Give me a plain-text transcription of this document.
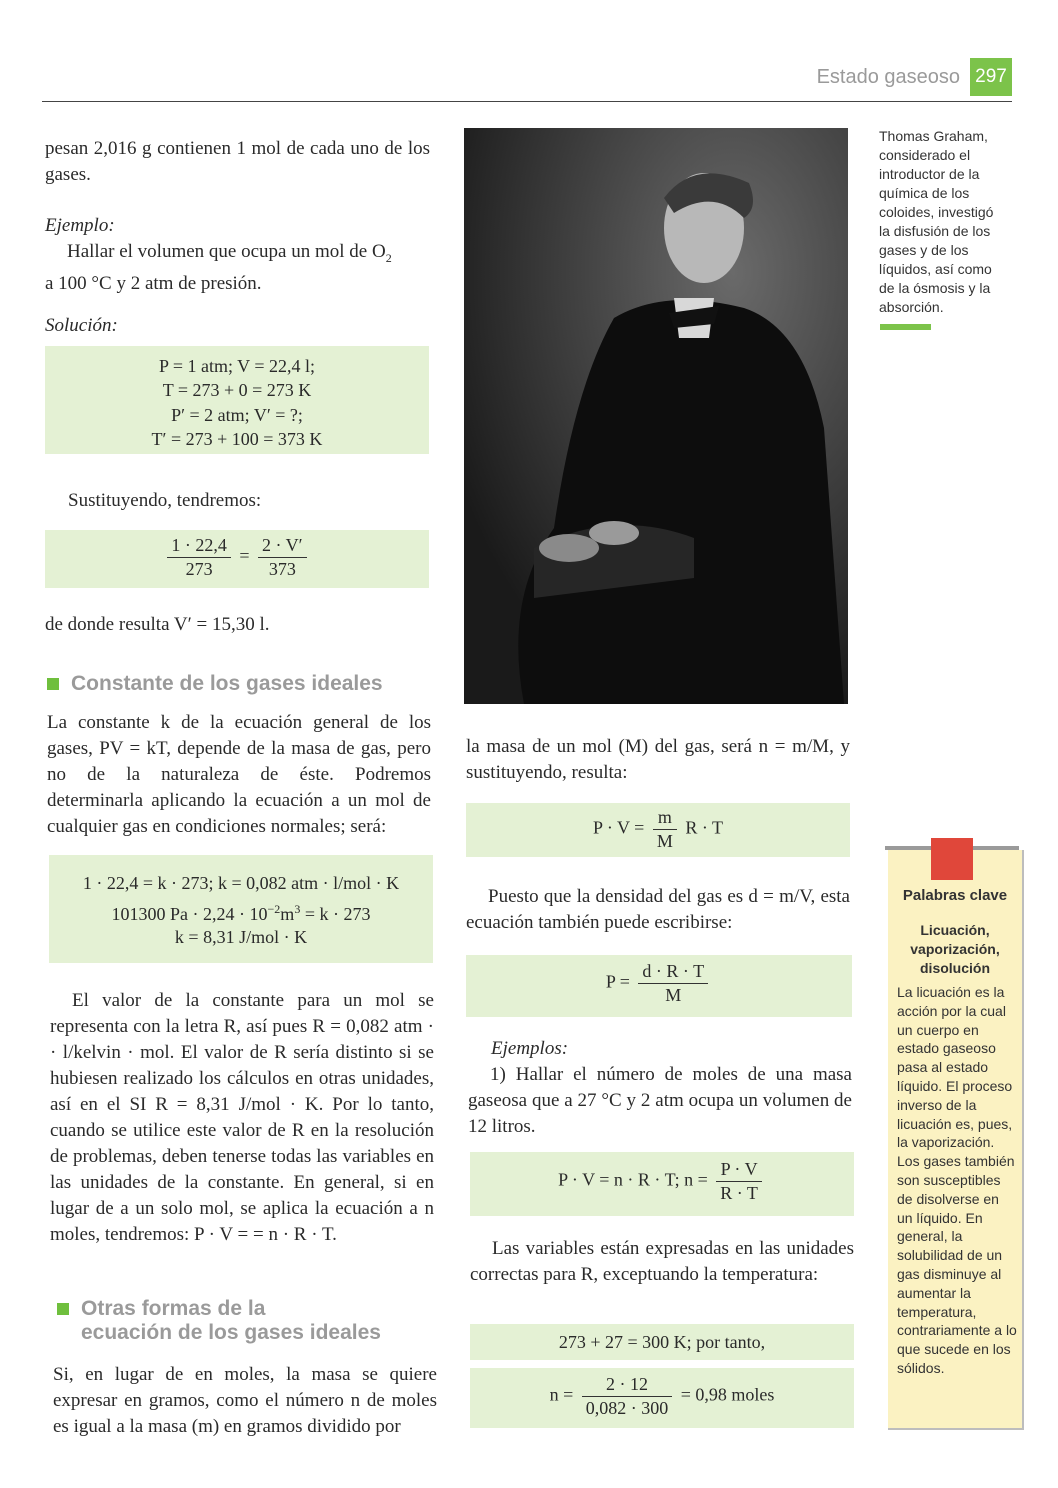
Estado gaseoso 297
pesan 2,016 g contienen 1 mol de cada uno de los gases.
Ejemplo:
Hallar el volumen que ocupa un mol de $O_2$
a 100 °C y 2 atm de presión.
Solución:
P = 1 atm; V = 22,4 l;
T = 273 + 0 = 273 K
P′ = 2 atm; V′ = ?;
T′ = 273 + 100 = 373 K
Sustituyendo, tendremos:
$\frac{1 \cdot 22,4}{273} = \frac{2 \cdot V'}{373}$
de donde resulta V′ = 15,30 l.
Constante de los gases ideales
La constante k de la ecuación general de los gases, PV = kT, depende de la masa de gas, pero no de la naturaleza de éste. Podremos determinarla aplicando la ecuación a un mol de cualquier gas en condiciones normales; será:
1 · 22,4 = k · 273; k = 0,082 atm · l/mol · K
101300 $Pa \cdot 2,24 \cdot 10^{-2}m^3 = k \cdot 273$
k = 8,31 J/mol · K
El valor de la constante para un mol se representa con la letra R, así pues R = 0,082 atm · · l/kelvin · mol. El valor de R sería distinto si se hubiesen realizado los cálculos en otras unidades, así en el SI R = 8,31 J/mol · K. Por lo tanto, cuando se utilice este valor de R en la resolución de problemas, deben tenerse todas las variables en las unidades de la constante. En general, si en lugar de a un solo mol, se aplica la ecuación a n moles, tendremos: P · V = = n · R · T.
Otras formas de la
ecuación de los gases ideales
Si, en lugar de en moles, la masa se quiere expresar en gramos, como el número n de moles es igual a la masa (m) en gramos dividido por
Thomas Graham, considerado el introductor de la química de los coloides, investigó la disfusión de los gases y de los líquidos, así como de la ósmosis y la absorción.
la masa de un mol (M) del gas, será n = m/M, y sustituyendo, resulta:
$P \cdot V = \frac{m}{M}$ R · T
Puesto que la densidad del gas es d = m/V, esta ecuación también puede escribirse:
$P = \frac{d \cdot R \cdot T}{M}$
Ejemplos:
1) Hallar el número de moles de una masa gaseosa que a 27 °C y 2 atm ocupa un volumen de 12 litros.
P · V = n · R · T; $n = \frac{P \cdot V}{R \cdot T}$
Las variables están expresadas en las unidades correctas para R, exceptuando la temperatura:
273 + 27 = 300 K; por tanto,
$n = \frac{2 \cdot 12}{0,082 \cdot 300} = 0,98$ moles
Palabras clave
Licuación, vaporización, disolución
La licuación es la acción por la cual un cuerpo en estado gaseoso pasa al estado líquido. El proceso inverso de la licuación es, pues, la vaporización. Los gases también son susceptibles de disolverse en un líquido. En general, la solubilidad de un gas disminuye al aumentar la temperatura, contrariamente a lo que sucede en los sólidos.
